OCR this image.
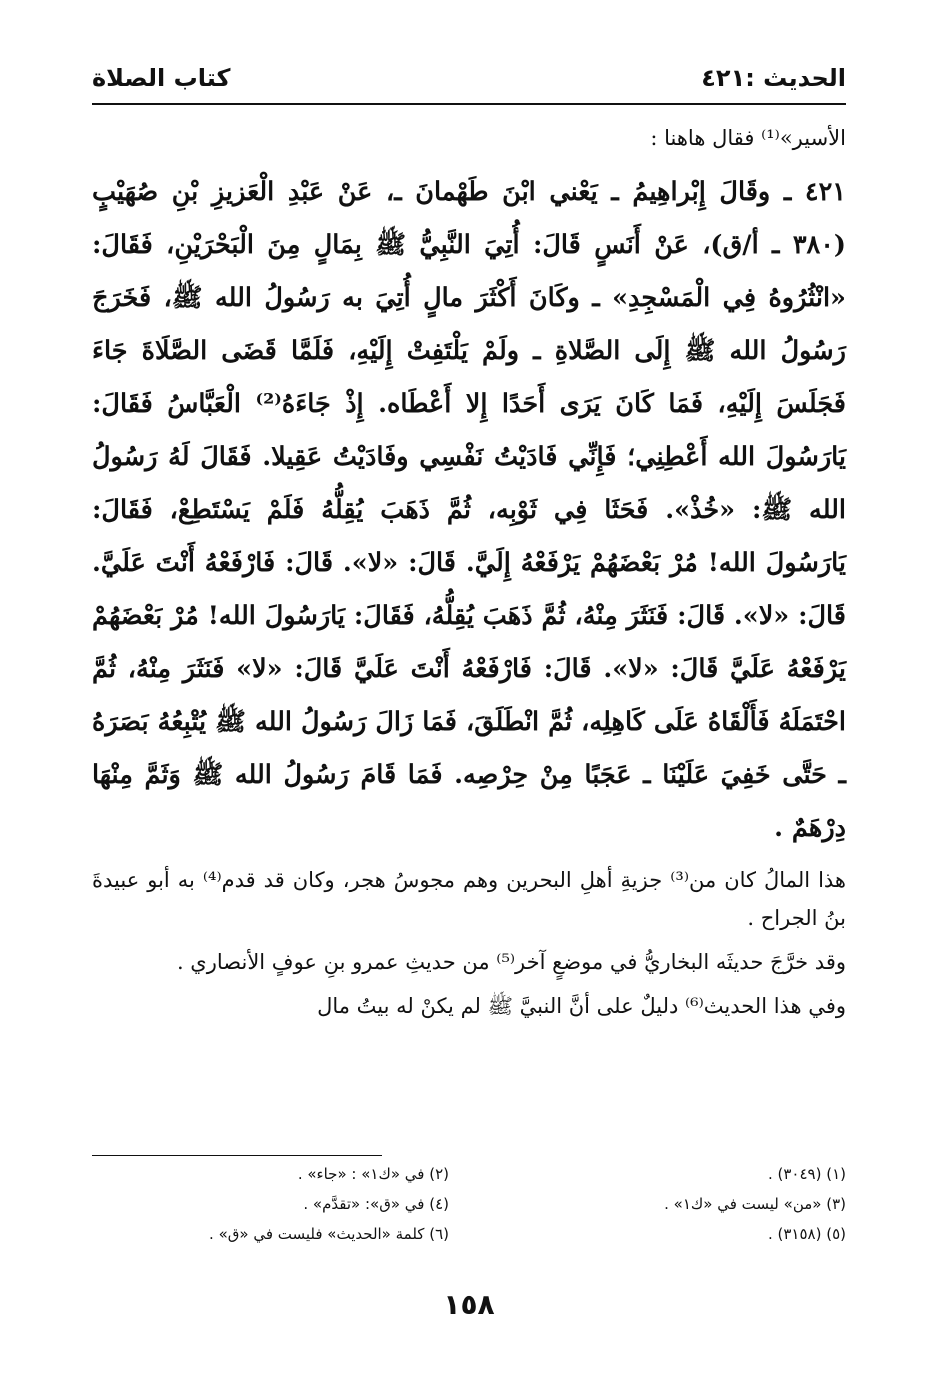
الحديث :٤٢١
كتاب الصلاة

الأسير»⁽¹⁾ فقال هاهنا :

٤٢١ ـ وقَالَ إِبْراهِيمُ ـ يَعْني ابْنَ طَهْمانَ ـ، عَنْ عَبْدِ الْعَزيزِ بْنِ صُهَيْبٍ (٣٨٠ ـ أ/ق)، عَنْ أَنَسٍ قَالَ: أُتِيَ النَّبِيُّ ﷺ بِمَالٍ مِنَ الْبَحْرَيْنِ، فَقَالَ: «انْثُرُوهُ فِي الْمَسْجِدِ» ـ وكَانَ أَكْثَرَ مالٍ أُتِيَ به رَسُولُ الله ﷺ، فَخَرَجَ رَسُولُ الله ﷺ إِلَى الصَّلاةِ ـ ولَمْ يَلْتَفِتْ إِلَيْهِ، فَلَمَّا قَضَى الصَّلَاةَ جَاءَ فَجَلَسَ إِلَيْهِ، فَمَا كَانَ يَرَى أَحَدًا إِلا أَعْطَاه. إِذْ جَاءَهُ⁽²⁾ الْعَبَّاسُ فَقَالَ: يَارَسُولَ الله أَعْطِنِي؛ فَإِنِّي فَادَيْتُ نَفْسِي وفَادَيْتُ عَقِيلا. فَقَالَ لَهُ رَسُولُ الله ﷺ: «خُذْ». فَحَثَا فِي ثَوْبِه، ثُمَّ ذَهَبَ يُقِلُّهُ فَلَمْ يَسْتَطِعْ، فَقَالَ: يَارَسُولَ الله! مُرْ بَعْضَهُمْ يَرْفَعْهُ إِلَيَّ. قَالَ: «لا». قَالَ: فَارْفَعْهُ أَنْتَ عَلَيَّ. قَالَ: «لا». قَالَ: فَنَثَرَ مِنْهُ، ثُمَّ ذَهَبَ يُقِلُّهُ، فَقَالَ: يَارَسُولَ الله! مُرْ بَعْضَهُمْ يَرْفَعْهُ عَلَيَّ قَالَ: «لا». قَالَ: فَارْفَعْهُ أَنْتَ عَلَيَّ قَالَ: «لا» فَنَثَرَ مِنْهُ، ثُمَّ احْتَمَلَهُ فَأَلْقَاهُ عَلَى كَاهِلِه، ثُمَّ انْطَلَقَ، فَمَا زَالَ رَسُولُ الله ﷺ يُتْبِعُهُ بَصَرَهُ ـ حَتَّى خَفِيَ عَلَيْنَا ـ عَجَبًا مِنْ حِرْصِه. فَمَا قَامَ رَسُولُ الله ﷺ وَثَمَّ مِنْهَا دِرْهَمٌ .

هذا المالُ كان من⁽³⁾ جزيةِ أهلِ البحرين وهم مجوسُ هجر، وكان قد قدم⁽⁴⁾ به أبو عبيدةَ بنُ الجراح .

وقد خرَّجَ حديثَه البخاريُّ في موضعٍ آخر⁽⁵⁾ من حديثِ عمرو بنِ عوفٍ الأنصاري .

وفي هذا الحديث⁽⁶⁾ دليلٌ على أنَّ النبيَّ ﷺ لم يكنْ له بيتُ مال

(١) (٣٠٤٩) .
(٢) في «ك١» : «جاء» .
(٣) «من» ليست في «ك١» .
(٤) في «ق»: «تقدَّم» .
(٥) (٣١٥٨) .
(٦) كلمة «الحديث» فليست في «ق» .
١٥٨
